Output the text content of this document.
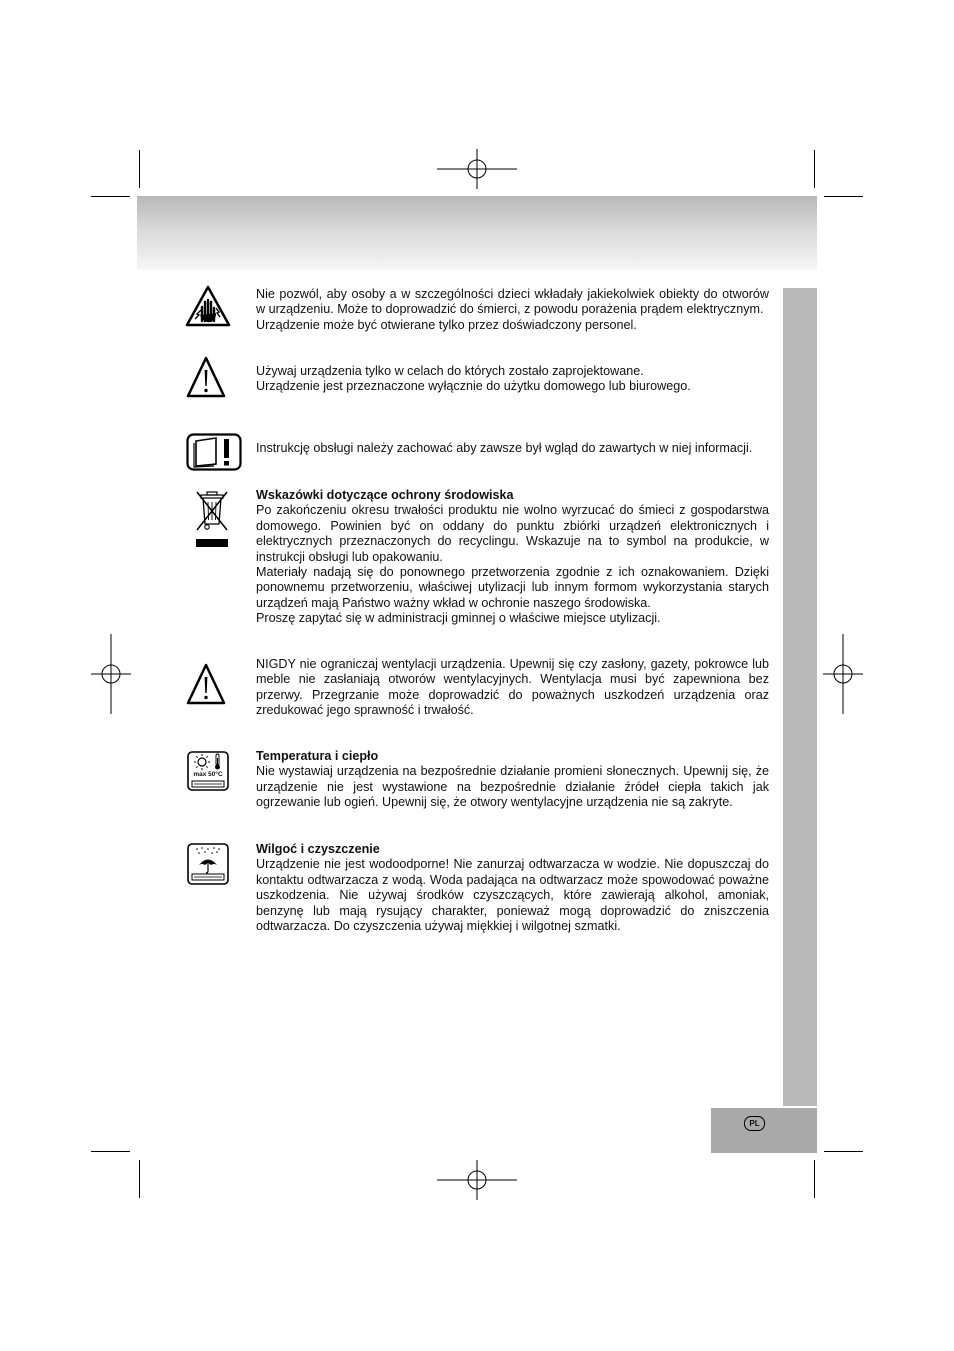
PL

Nie pozwól, aby osoby a w szczególności dzieci wkładały jakiekolwiek obiekty do otworów w urządzeniu. Może to doprowadzić do śmierci, z powodu porażenia prądem elektrycznym.

Urządzenie może być otwierane tylko przez doświadczony personel.

Używaj urządzenia tylko w celach do których zostało zaprojektowane.

Urządzenie jest przeznaczone wyłącznie do użytku domowego lub biurowego.

Instrukcję obsługi należy zachować aby zawsze był wgląd do zawartych w niej informacji.

Wskazówki dotyczące ochrony środowiska

Po zakończeniu okresu trwałości produktu nie wolno wyrzucać do śmieci z gospodarstwa domowego. Powinien być on oddany do punktu zbiórki urządzeń elektronicznych i elektrycznych przeznaczonych do recyclingu. Wskazuje na to symbol na produkcie, w instrukcji obsługi lub opakowaniu.

Materiały nadają się do ponownego przetworzenia zgodnie z ich oznakowaniem. Dzięki ponownemu przetworzeniu, właściwej utylizacji lub innym formom wykorzystania starych urządzeń mają Państwo ważny wkład w ochronie naszego środowiska.

Proszę zapytać się w administracji gminnej o właściwe miejsce utylizacji.

NIGDY nie ograniczaj wentylacji urządzenia. Upewnij się czy zasłony, gazety, pokrowce lub meble nie zasłaniają otworów wentylacyjnych. Wentylacja musi być zapewniona bez przerwy. Przegrzanie może doprowadzić do poważnych uszkodzeń urządzenia oraz zredukować jego sprawność i trwałość.

max 50°C

Temperatura i ciepło

Nie wystawiaj urządzenia na bezpośrednie działanie promieni słonecznych. Upewnij się, że urządzenie nie jest wystawione na bezpośrednie działanie źródeł ciepła takich jak ogrzewanie lub ogień. Upewnij się, że otwory wentylacyjne urządzenia nie są zakryte.

Wilgoć i czyszczenie

Urządzenie nie jest wodoodporne! Nie zanurzaj odtwarzacza w wodzie. Nie dopuszczaj do kontaktu odtwarzacza z wodą. Woda padająca na odtwarzacz może spowodować poważne uszkodzenia. Nie używaj środków czyszczących, które zawierają alkohol, amoniak, benzynę lub mają rysujący charakter, ponieważ mogą doprowadzić do zniszczenia odtwarzacza. Do czyszczenia używaj miękkiej i wilgotnej szmatki.
